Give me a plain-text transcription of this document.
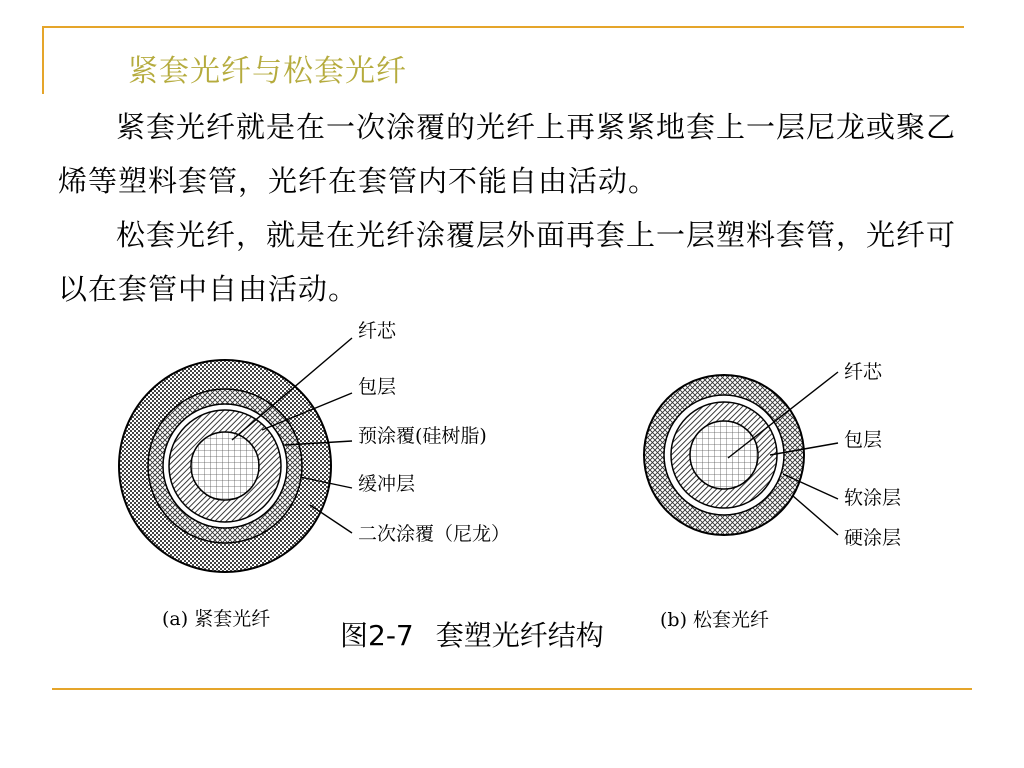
紧套光纤与松套光纤

紧套光纤就是在一次涂覆的光纤上再紧紧地套上一层尼龙或聚乙烯等塑料套管，光纤在套管内不能自由活动。

松套光纤，就是在光纤涂覆层外面再套上一层塑料套管，光纤可以在套管中自由活动。

纤芯
包层
预涂覆(硅树脂)
缓冲层
二次涂覆（尼龙）
纤芯
包层
软涂层
硬涂层
(a) 紧套光纤	(b) 松套光纤
图2-7 套塑光纤结构
